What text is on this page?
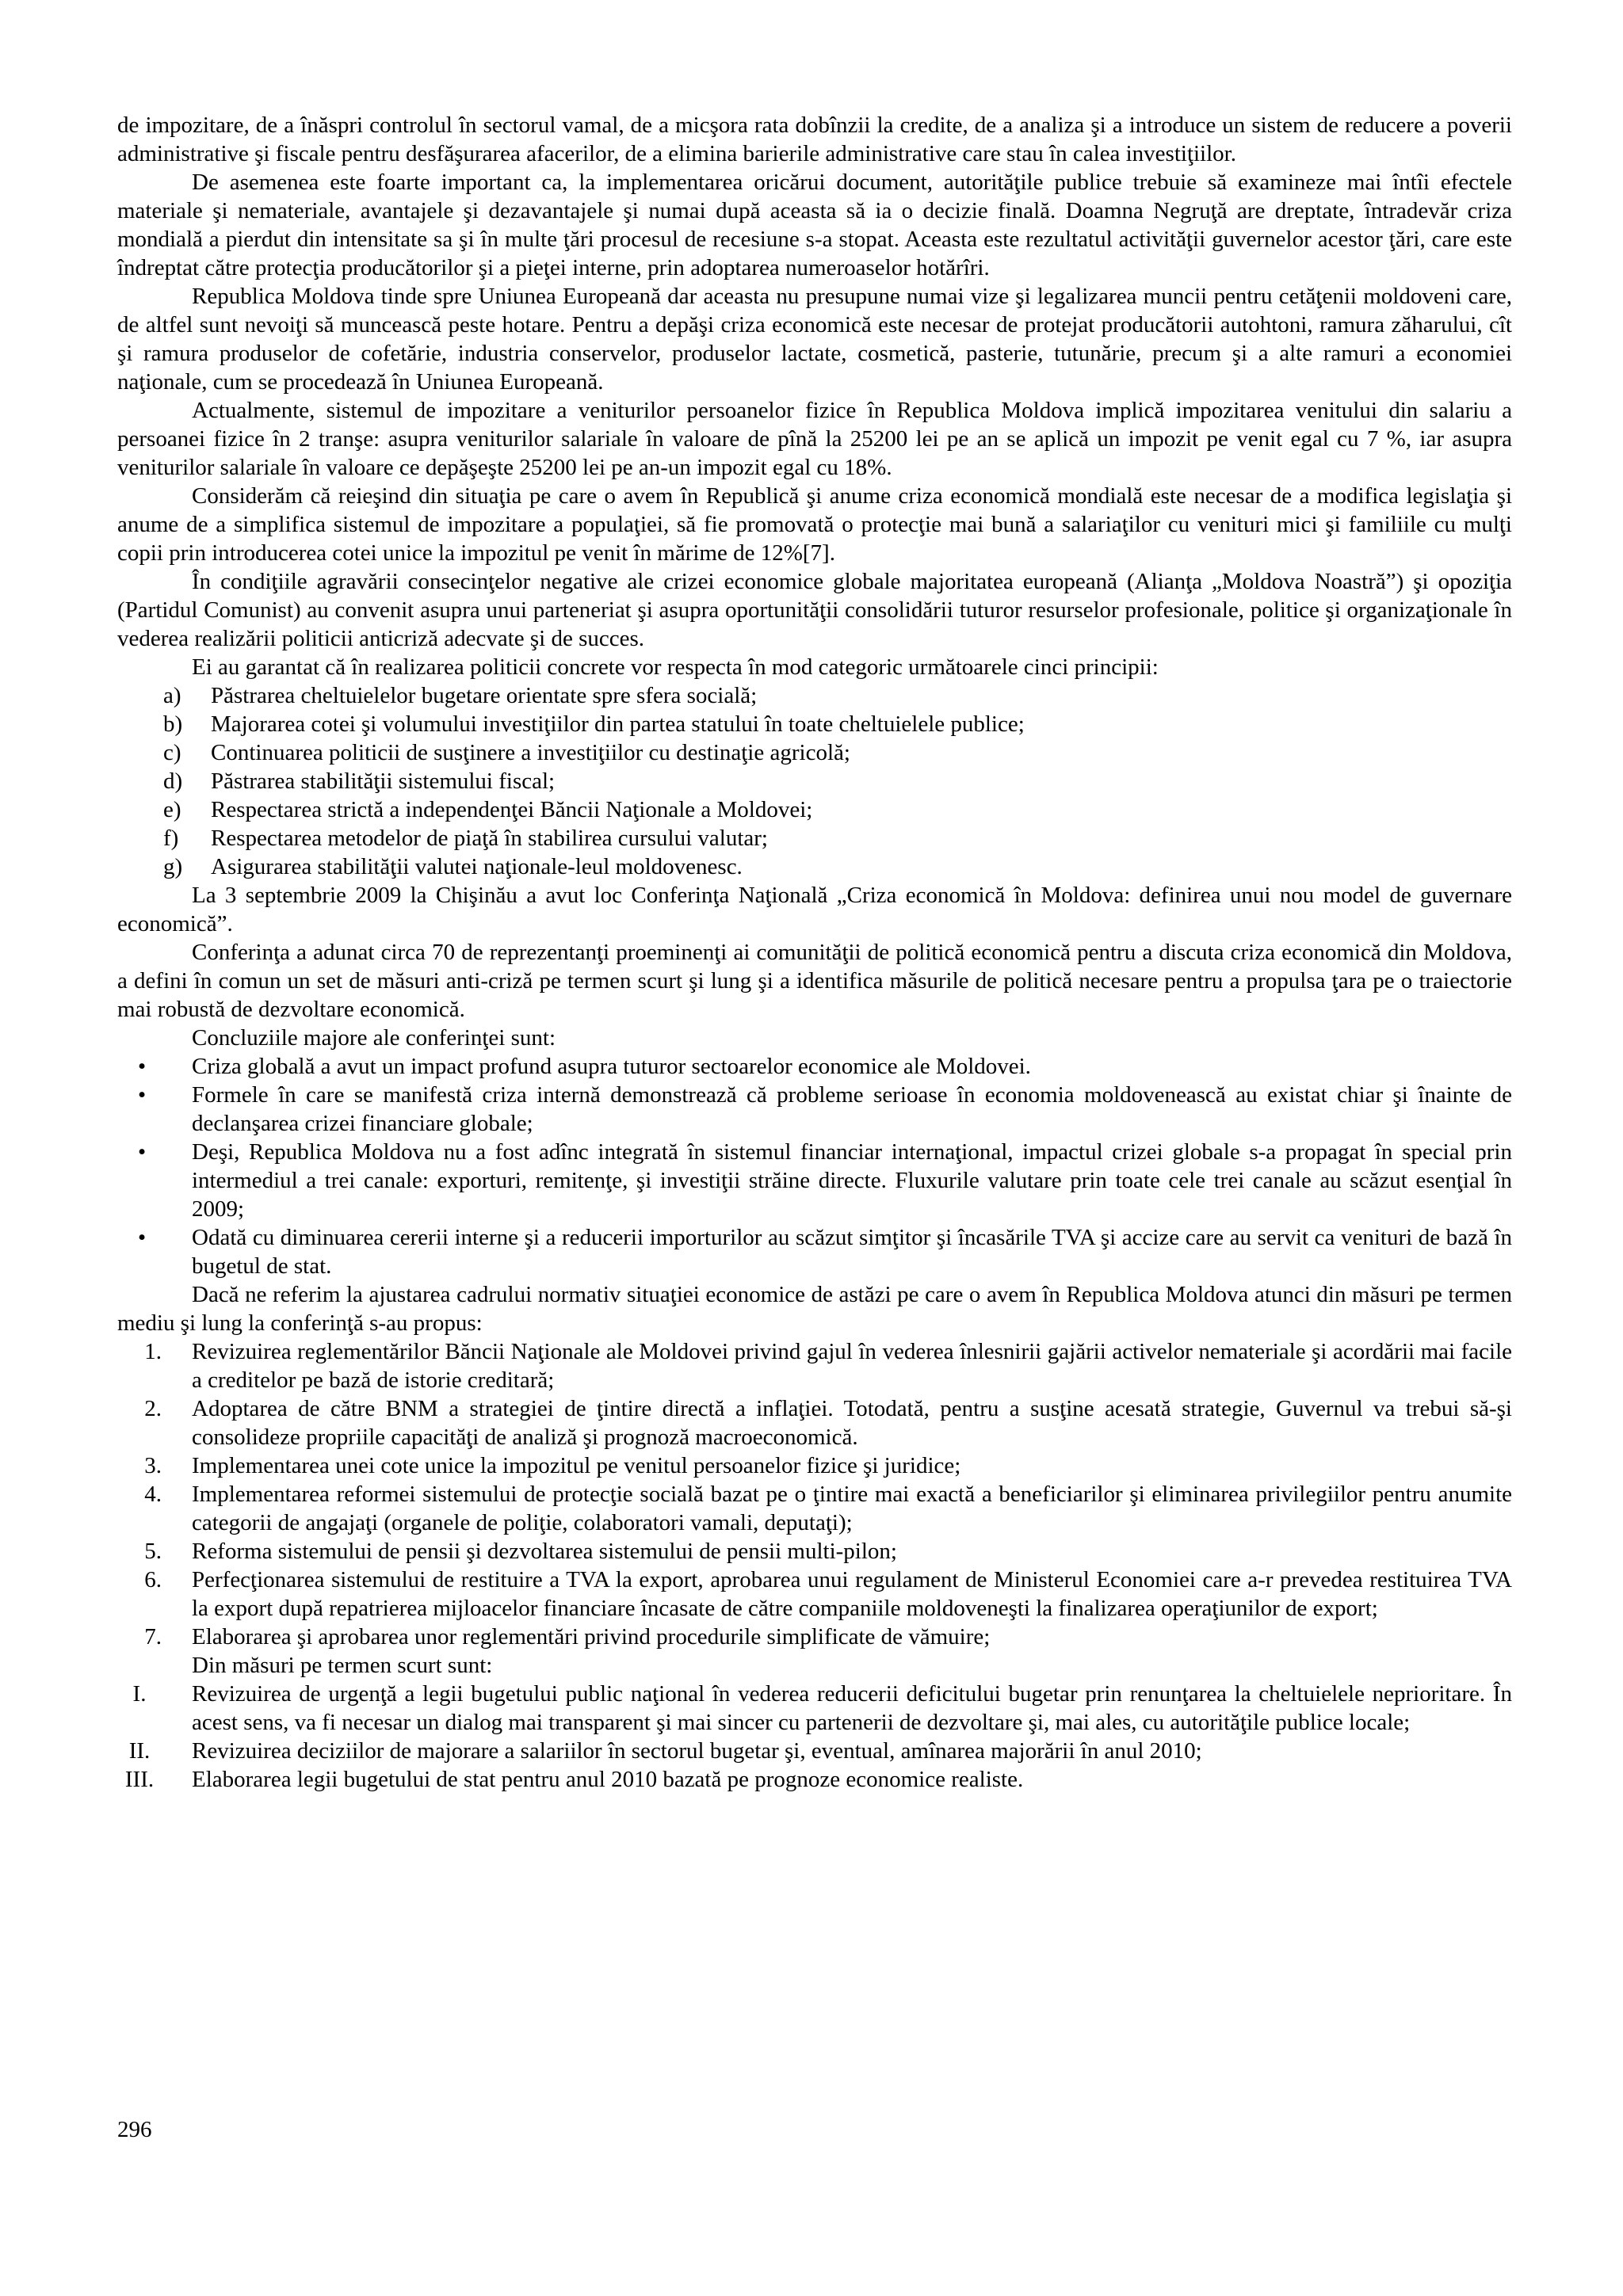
de impozitare, de a înăspri controlul în sectorul vamal, de a micşora rata dobînzii la credite, de a analiza şi a introduce un sistem de reducere a poverii administrative şi fiscale pentru desfăşurarea afacerilor, de a elimina barierile administrative care stau în calea investiţiilor.

De asemenea este foarte important ca, la implementarea oricărui document, autorităţile publice trebuie să examineze mai întîi efectele materiale şi nemateriale, avantajele şi dezavantajele şi numai după aceasta să ia o decizie finală. Doamna Negruţă are dreptate, întradevăr criza mondială a pierdut din intensitate sa şi în multe ţări procesul de recesiune s-a stopat. Aceasta este rezultatul activităţii guvernelor acestor ţări, care este îndreptat către protecţia producătorilor şi a pieţei interne, prin adoptarea numeroaselor hotărîri.

Republica Moldova tinde spre Uniunea Europeană dar aceasta nu presupune numai vize şi legalizarea muncii pentru cetăţenii moldoveni care, de altfel sunt nevoiţi să muncească peste hotare. Pentru a depăşi criza economică este necesar de protejat producătorii autohtoni, ramura zăharului, cît şi ramura produselor de cofetărie, industria conservelor, produselor lactate, cosmetică, pasterie, tutunărie, precum şi a alte ramuri a economiei naţionale, cum se procedează în Uniunea Europeană.

Actualmente, sistemul de impozitare a veniturilor persoanelor fizice în Republica Moldova implică impozitarea venitului din salariu a persoanei fizice în 2 tranşe: asupra veniturilor salariale în valoare de pînă la 25200 lei pe an se aplică un impozit pe venit egal cu 7 %, iar asupra veniturilor salariale în valoare ce depăşeşte 25200 lei pe an-un impozit egal cu 18%.

Considerăm că reieşind din situaţia pe care o avem în Republică şi anume criza economică mondială este necesar de a modifica legislaţia şi anume de a simplifica sistemul de impozitare a populaţiei, să fie promovată o protecţie mai bună a salariaţilor cu venituri mici şi familiile cu mulţi copii prin introducerea cotei unice la impozitul pe venit în mărime de 12%[7].

În condiţiile agravării consecinţelor negative ale crizei economice globale majoritatea europeană (Alianţa „Moldova Noastră”) şi opoziţia (Partidul Comunist) au convenit asupra unui parteneriat şi asupra oportunităţii consolidării tuturor resurselor profesionale, politice şi organizaţionale în vederea realizării politicii anticriză adecvate şi de succes.

Ei au garantat că în realizarea politicii concrete vor respecta în mod categoric următoarele cinci principii:

a) Păstrarea cheltuielelor bugetare orientate spre sfera socială;
b) Majorarea cotei şi volumului investiţiilor din partea statului în toate cheltuielele publice;
c) Continuarea politicii de susţinere a investiţiilor cu destinaţie agricolă;
d) Păstrarea stabilităţii sistemului fiscal;
e) Respectarea strictă a independenţei Băncii Naţionale a Moldovei;
f) Respectarea metodelor de piaţă în stabilirea cursului valutar;
g) Asigurarea stabilităţii valutei naţionale-leul moldovenesc.

La 3 septembrie 2009 la Chişinău a avut loc Conferinţa Naţională „Criza economică în Moldova: definirea unui nou model de guvernare economică”.

Conferinţa a adunat circa 70 de reprezentanţi proeminenţi ai comunităţii de politică economică pentru a discuta criza economică din Moldova, a defini în comun un set de măsuri anti-criză pe termen scurt şi lung şi a identifica măsurile de politică necesare pentru a propulsa ţara pe o traiectorie mai robustă de dezvoltare economică.

Concluziile majore ale conferinţei sunt:

• Criza globală a avut un impact profund asupra tuturor sectoarelor economice ale Moldovei.
• Formele în care se manifestă criza internă demonstrează că probleme serioase în economia moldovenească au existat chiar şi înainte de declanşarea crizei financiare globale;
• Deşi, Republica Moldova nu a fost adînc integrată în sistemul financiar internaţional, impactul crizei globale s-a propagat în special prin intermediul a trei canale: exporturi, remitenţe, şi investiţii străine directe. Fluxurile valutare prin toate cele trei canale au scăzut esenţial în 2009;
• Odată cu diminuarea cererii interne şi a reducerii importurilor au scăzut simţitor şi încasările TVA şi accize care au servit ca venituri de bază în bugetul de stat.

Dacă ne referim la ajustarea cadrului normativ situaţiei economice de astăzi pe care o avem în Republica Moldova atunci din măsuri pe termen mediu şi lung la conferinţă s-au propus:

1. Revizuirea reglementărilor Băncii Naţionale ale Moldovei privind gajul în vederea înlesnirii gajării activelor nemateriale şi acordării mai facile a creditelor pe bază de istorie creditară;
2. Adoptarea de către BNM a strategiei de ţintire directă a inflaţiei. Totodată, pentru a susţine acesată strategie, Guvernul va trebui să-şi consolideze propriile capacităţi de analiză şi prognoză macroeconomică.
3. Implementarea unei cote unice la impozitul pe venitul persoanelor fizice şi juridice;
4. Implementarea reformei sistemului de protecţie socială bazat pe o ţintire mai exactă a beneficiarilor şi eliminarea privilegiilor pentru anumite categorii de angajaţi (organele de poliţie, colaboratori vamali, deputaţi);
5. Reforma sistemului de pensii şi dezvoltarea sistemului de pensii multi-pilon;
6. Perfecţionarea sistemului de restituire a TVA la export, aprobarea unui regulament de Ministerul Economiei care a-r prevedea restituirea TVA la export după repatrierea mijloacelor financiare încasate de către companiile moldoveneşti la finalizarea operaţiunilor de export;
7. Elaborarea şi aprobarea unor reglementări privind procedurile simplificate de vămuire;

Din măsuri pe termen scurt sunt:

I.	Revizuirea de urgenţă a legii bugetului public naţional în vederea reducerii deficitului bugetar prin renunţarea la cheltuielele neprioritare. În acest sens, va fi necesar un dialog mai transparent şi mai sincer cu partenerii de dezvoltare şi, mai ales, cu autorităţile publice locale;
II.	Revizuirea deciziilor de majorare a salariilor în sectorul bugetar şi, eventual, amînarea majorării în anul 2010;
III.	Elaborarea legii bugetului de stat pentru anul 2010 bazată pe prognoze economice realiste.
296
